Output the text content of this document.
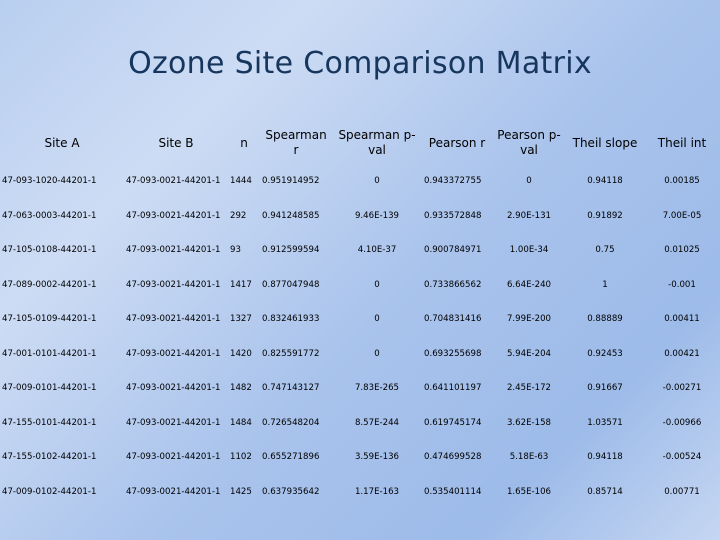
Ozone Site Comparison Matrix
Site A	Site B	n	Spearman r	Spearman p-val	Pearson r	Pearson p-val	Theil slope	Theil int
47-093-1020-44201-1	47-093-0021-44201-1	1444	0.951914952	0	0.943372755	0	0.94118	0.00185
47-063-0003-44201-1	47-093-0021-44201-1	292	0.941248585	9.46E-139	0.933572848	2.90E-131	0.91892	7.00E-05
47-105-0108-44201-1	47-093-0021-44201-1	93	0.912599594	4.10E-37	0.900784971	1.00E-34	0.75	0.01025
47-089-0002-44201-1	47-093-0021-44201-1	1417	0.877047948	0	0.733866562	6.64E-240	1	-0.001
47-105-0109-44201-1	47-093-0021-44201-1	1327	0.832461933	0	0.704831416	7.99E-200	0.88889	0.00411
47-001-0101-44201-1	47-093-0021-44201-1	1420	0.825591772	0	0.693255698	5.94E-204	0.92453	0.00421
47-009-0101-44201-1	47-093-0021-44201-1	1482	0.747143127	7.83E-265	0.641101197	2.45E-172	0.91667	-0.00271
47-155-0101-44201-1	47-093-0021-44201-1	1484	0.726548204	8.57E-244	0.619745174	3.62E-158	1.03571	-0.00966
47-155-0102-44201-1	47-093-0021-44201-1	1102	0.655271896	3.59E-136	0.474699528	5.18E-63	0.94118	-0.00524
47-009-0102-44201-1	47-093-0021-44201-1	1425	0.637935642	1.17E-163	0.535401114	1.65E-106	0.85714	0.00771
